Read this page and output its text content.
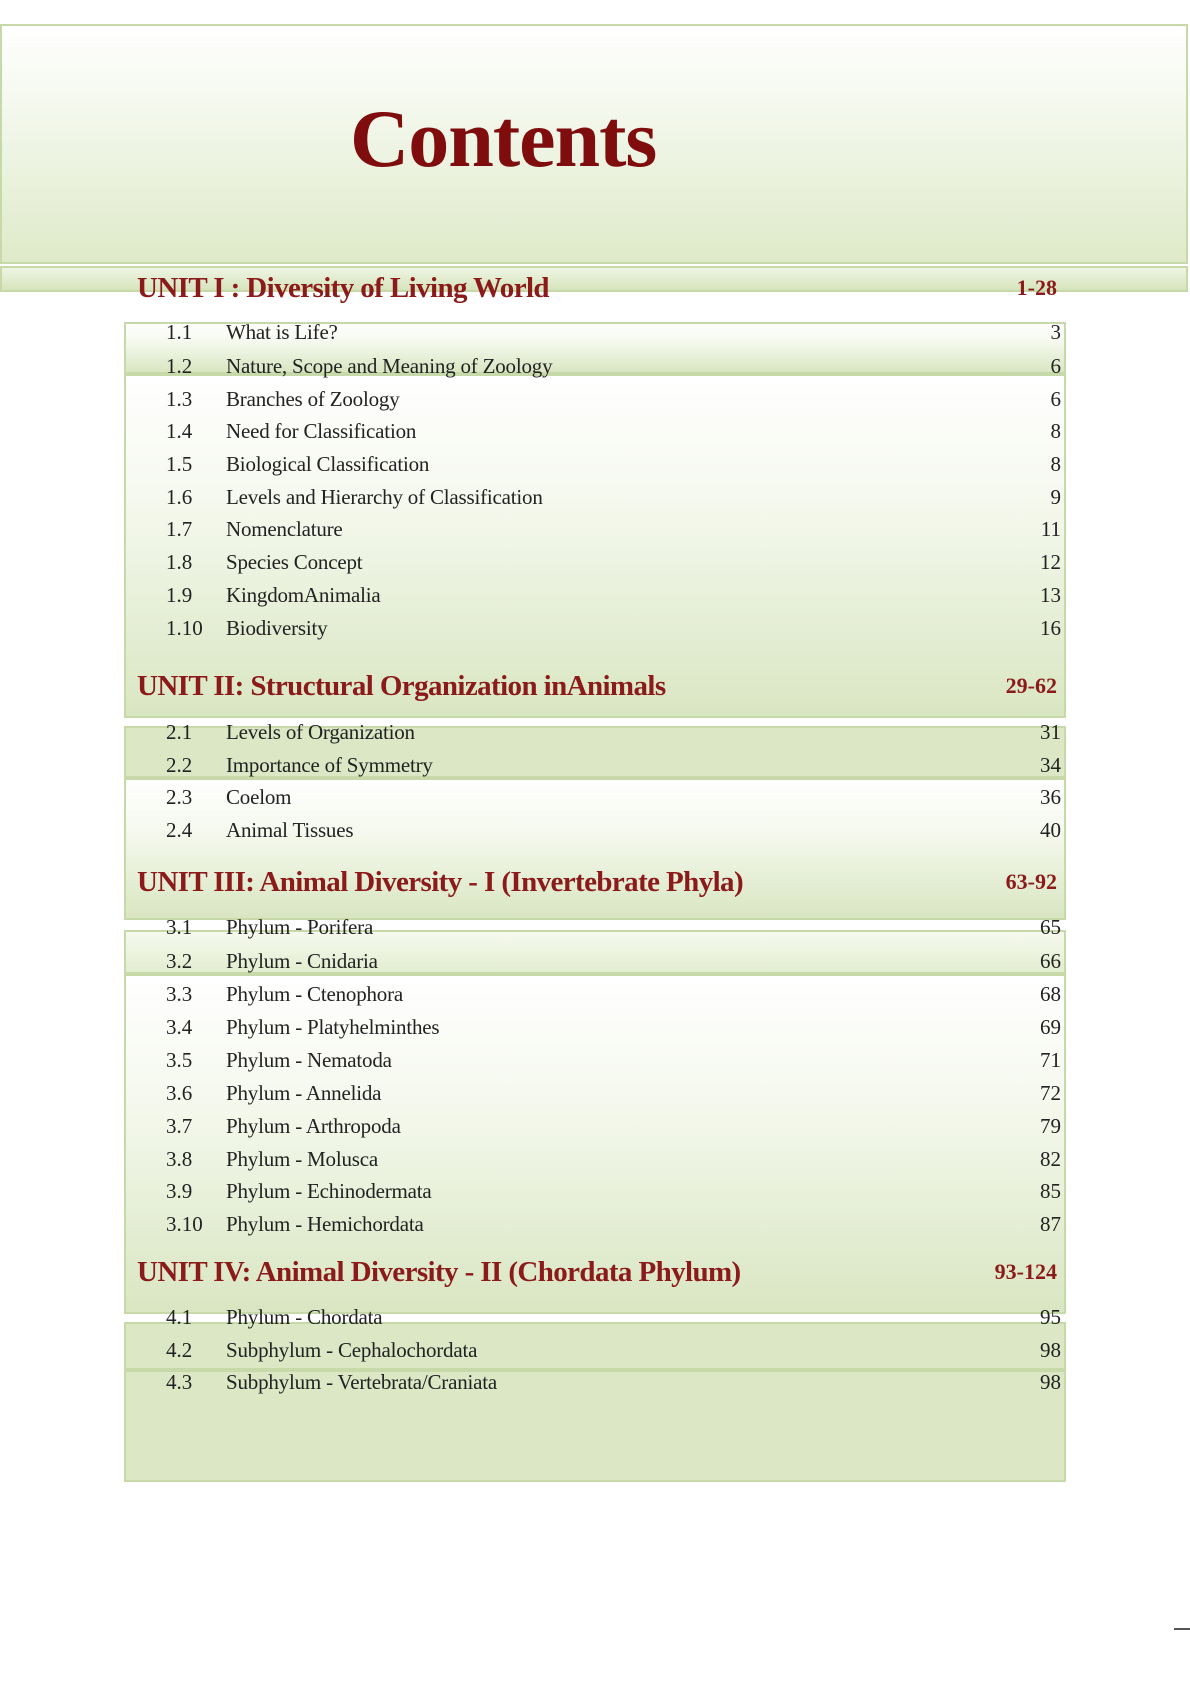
Contents
UNIT I : Diversity of Living World	1-28
1.1	What is Life?	3
1.2	Nature, Scope and Meaning of Zoology	6
1.3	Branches of Zoology	6
1.4	Need for Classification	8
1.5	Biological Classification	8
1.6	Levels and Hierarchy of Classification	9
1.7	Nomenclature	11
1.8	Species Concept	12
1.9	KingdomAnimalia	13
1.10	Biodiversity	16
UNIT II: Structural Organization inAnimals	29-62
2.1	Levels of Organization	31
2.2	Importance of Symmetry	34
2.3	Coelom	36
2.4	Animal Tissues	40
UNIT III: Animal Diversity - I (Invertebrate Phyla)	63-92
3.1	Phylum - Porifera	65
3.2	Phylum - Cnidaria	66
3.3	Phylum - Ctenophora	68
3.4	Phylum - Platyhelminthes	69
3.5	Phylum - Nematoda	71
3.6	Phylum - Annelida	72
3.7	Phylum - Arthropoda	79
3.8	Phylum - Molusca	82
3.9	Phylum - Echinodermata	85
3.10	Phylum - Hemichordata	87
UNIT IV: Animal Diversity - II (Chordata Phylum)	93-124
4.1	Phylum - Chordata	95
4.2	Subphylum - Cephalochordata	98
4.3	Subphylum - Vertebrata/Craniata	98
